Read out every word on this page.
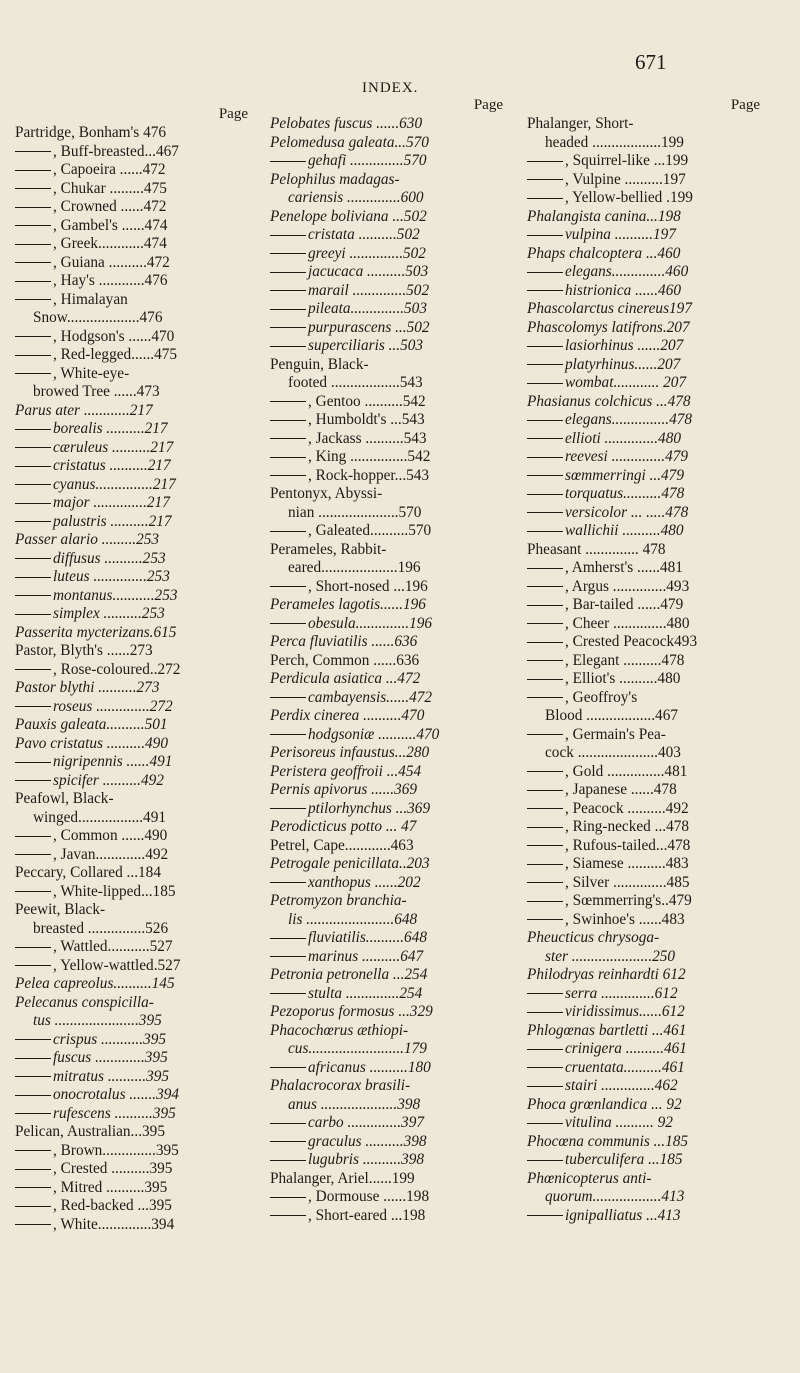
671
INDEX.
Page
Partridge, Bonham's 476
, Buff-breasted...467
, Capoeira ......472
, Chukar .........475
, Crowned ......472
, Gambel's ......474
, Greek............474
, Guiana ..........472
, Hay's ............476
, Himalayan
Snow...................476
, Hodgson's ......470
, Red-legged......475
, White-eye-
browed Tree ......473
Parus ater ............217
borealis ..........217
cæruleus ..........217
cristatus ..........217
cyanus...............217
major ..............217
palustris ..........217
Passer alario .........253
diffusus ..........253
luteus ..............253
montanus...........253
simplex ..........253
Passerita mycterizans.615
Pastor, Blyth's ......273
, Rose-coloured..272
Pastor blythi ..........273
roseus ..............272
Pauxis galeata..........501
Pavo cristatus ..........490
nigripennis ......491
spicifer ..........492
Peafowl, Black-
winged.................491
, Common ......490
, Javan.............492
Peccary, Collared ...184
, White-lipped...185
Peewit, Black-
breasted ...............526
, Wattled...........527
, Yellow-wattled.527
Pelea capreolus..........145
Pelecanus conspicilla-
tus ......................395
crispus ...........395
fuscus .............395
mitratus ..........395
onocrotalus .......394
rufescens ..........395
Pelican, Australian...395
, Brown..............395
, Crested ..........395
, Mitred ..........395
, Red-backed ...395
, White..............394
Page
Pelobates fuscus ......630
Pelomedusa galeata...570
gehafi ..............570
Pelophilus madagas-
cariensis ..............600
Penelope boliviana ...502
cristata ..........502
greeyi ..............502
jacucaca ..........503
marail ..............502
pileata..............503
purpurascens ...502
superciliaris ...503
Penguin, Black-
footed ..................543
, Gentoo ..........542
, Humboldt's ...543
, Jackass ..........543
, King ...............542
, Rock-hopper...543
Pentonyx, Abyssi-
nian .....................570
, Galeated..........570
Perameles, Rabbit-
eared....................196
, Short-nosed ...196
Perameles lagotis......196
obesula..............196
Perca fluviatilis ......636
Perch, Common ......636
Perdicula asiatica ...472
cambayensis......472
Perdix cinerea ..........470
hodgsoniæ ..........470
Perisoreus infaustus...280
Peristera geoffroii ...454
Pernis apivorus ......369
ptilorhynchus ...369
Perodicticus potto ... 47
Petrel, Cape............463
Petrogale penicillata..203
xanthopus ......202
Petromyzon branchia-
lis .......................648
fluviatilis..........648
marinus ..........647
Petronia petronella ...254
stulta ..............254
Pezoporus formosus ...329
Phacochœrus æthiopi-
cus.........................179
africanus ..........180
Phalacrocorax brasili-
anus ....................398
carbo ..............397
graculus ..........398
lugubris ..........398
Phalanger, Ariel......199
, Dormouse ......198
, Short-eared ...198
Page
Phalanger, Short-
headed ..................199
, Squirrel-like ...199
, Vulpine ..........197
, Yellow-bellied .199
Phalangista canina...198
vulpina ..........197
Phaps chalcoptera ...460
elegans..............460
histrionica ......460
Phascolarctus cinereus197
Phascolomys latifrons.207
lasiorhinus ......207
platyrhinus......207
wombat............ 207
Phasianus colchicus ...478
elegans...............478
ellioti ..............480
reevesi ..............479
sœmmerringi ...479
torquatus..........478
versicolor ... .....478
wallichii ..........480
Pheasant .............. 478
, Amherst's ......481
, Argus ..............493
, Bar-tailed ......479
, Cheer ..............480
, Crested Peacock493
, Elegant ..........478
, Elliot's ..........480
, Geoffroy's
Blood ..................467
, Germain's Pea-
cock .....................403
, Gold ...............481
, Japanese ......478
, Peacock ..........492
, Ring-necked ...478
, Rufous-tailed...478
, Siamese ..........483
, Silver ..............485
, Sœmmerring's..479
, Swinhoe's ......483
Pheucticus chrysoga-
ster .....................250
Philodryas reinhardti 612
serra ..............612
viridissimus......612
Phlogœnas bartletti ...461
crinigera ..........461
cruentata..........461
stairi ..............462
Phoca grœnlandica ... 92
vitulina .......... 92
Phocœna communis ...185
tuberculifera ...185
Phœnicopterus anti-
quorum..................413
ignipalliatus ...413
